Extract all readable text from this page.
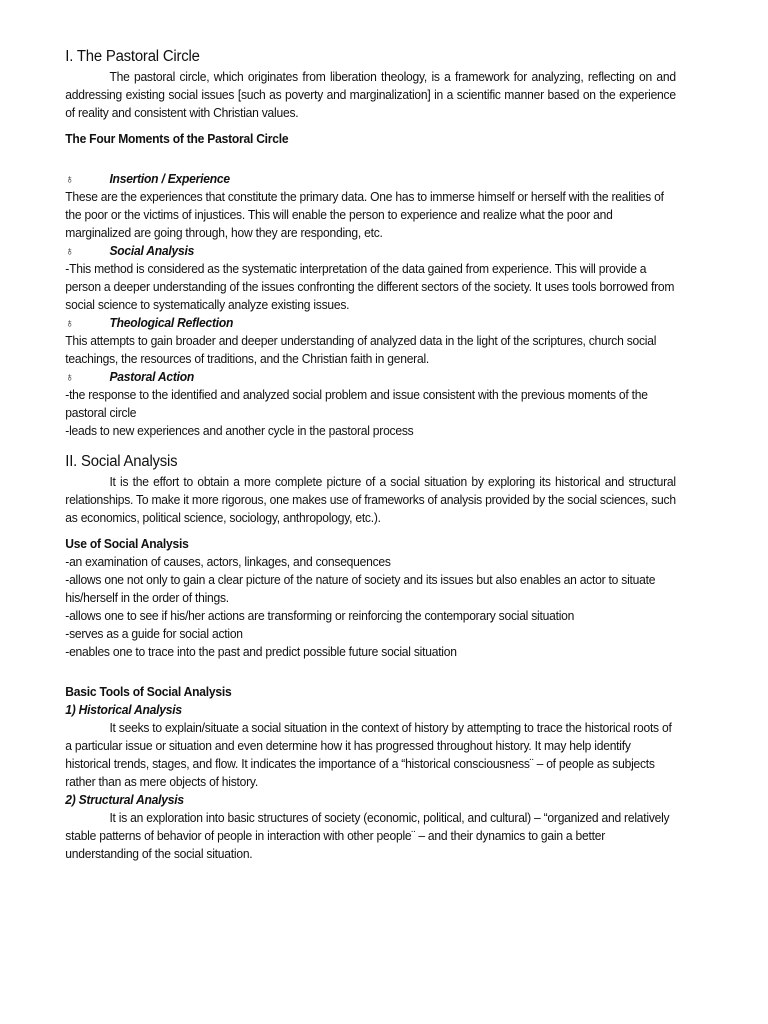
I. The Pastoral Circle

The pastoral circle, which originates from liberation theology, is a framework for analyzing, reflecting on and addressing existing social issues [such as poverty and marginalization] in a scientific manner based on the experience of reality and consistent with Christian values.

The Four Moments of the Pastoral Circle

♁	Insertion / Experience

These are the experiences that constitute the primary data. One has to immerse himself or herself with the realities of the poor or the victims of injustices. This will enable the person to experience and realize what the poor and marginalized are going through, how they are responding, etc.

♁	Social Analysis

-This method is considered as the systematic interpretation of the data gained from experience. This will provide a person a deeper understanding of the issues confronting the different sectors of the society. It uses tools borrowed from social science to systematically analyze existing issues.

♁	Theological Reflection

This attempts to gain broader and deeper understanding of analyzed data in the light of the scriptures, church social teachings, the resources of traditions, and the Christian faith in general.

♁	Pastoral Action

-the response to the identified and analyzed social problem and issue consistent with the previous moments of the pastoral circle

-leads to new experiences and another cycle in the pastoral process

II. Social Analysis

It is the effort to obtain a more complete picture of a social situation by exploring its historical and structural relationships. To make it more rigorous, one makes use of frameworks of analysis provided by the social sciences, such as economics, political science, sociology, anthropology, etc.).

Use of Social Analysis

-an examination of causes, actors, linkages, and consequences

-allows one not only to gain a clear picture of the nature of society and its issues but also enables an actor to situate his/herself in the order of things.

-allows one to see if his/her actions are transforming or reinforcing the contemporary social situation

-serves as a guide for social action

-enables one to trace into the past and predict possible future social situation

Basic Tools of Social Analysis

1) Historical Analysis

It seeks to explain/situate a social situation in the context of history by attempting to trace the historical roots of a particular issue or situation and even determine how it has progressed throughout history. It may help identify historical trends, stages, and flow. It indicates the importance of a “historical consciousness¨ – of people as subjects rather than as mere objects of history.

2) Structural Analysis

It is an exploration into basic structures of society (economic, political, and cultural) – “organized and relatively stable patterns of behavior of people in interaction with other people¨ – and their dynamics to gain a better understanding of the social situation.
